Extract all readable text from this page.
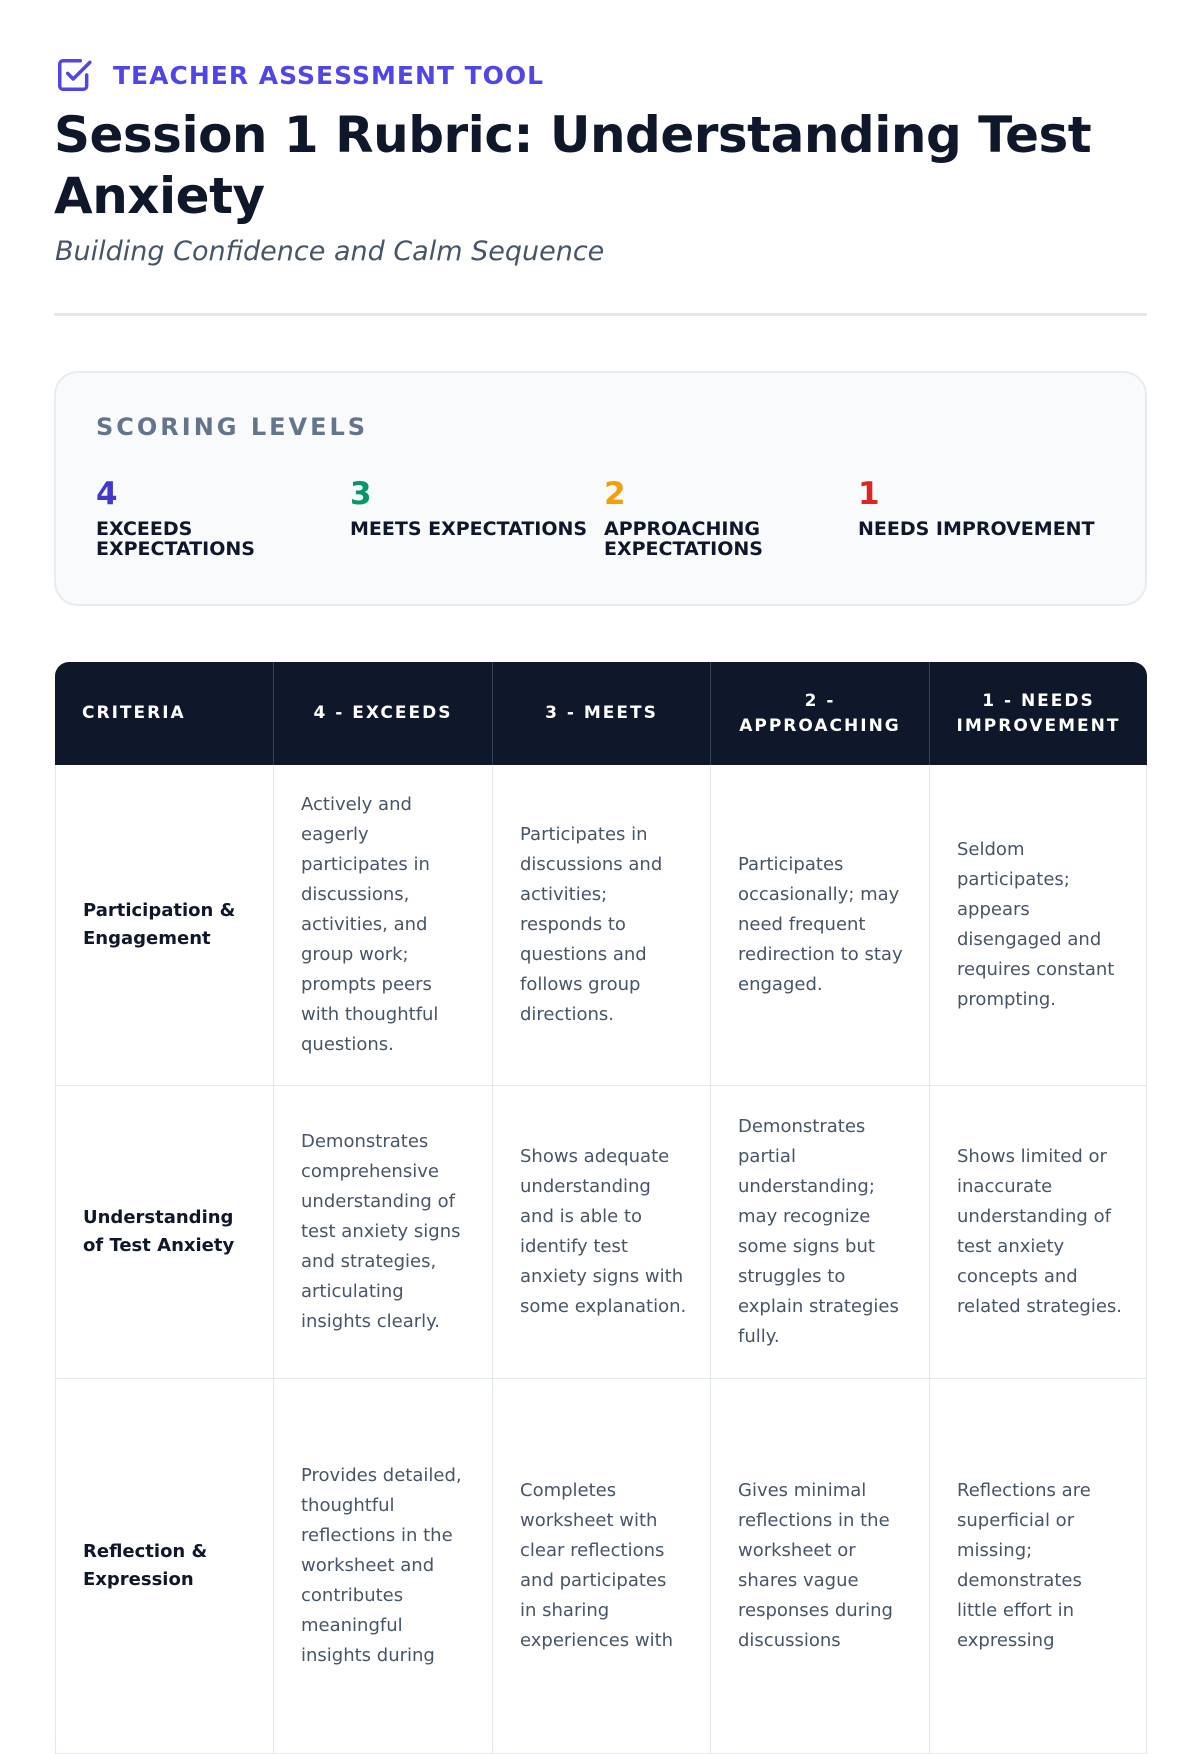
TEACHER ASSESSMENT TOOL
Session 1 Rubric: Understanding Test Anxiety
Building Confidence and Calm Sequence
SCORING LEVELS
4
EXCEEDS EXPECTATIONS
3
MEETS EXPECTATIONS
2
APPROACHING EXPECTATIONS
1
NEEDS IMPROVEMENT
CRITERIA	4 - EXCEEDS	3 - MEETS	2 - APPROACHING	1 - NEEDS IMPROVEMENT
Participation & Engagement	Actively and eagerly participates in discussions, activities, and group work; prompts peers with thoughtful questions.	Participates in discussions and activities; responds to questions and follows group directions.	Participates occasionally; may need frequent redirection to stay engaged.	Seldom participates; appears disengaged and requires constant prompting.
Understanding of Test Anxiety	Demonstrates comprehensive understanding of test anxiety signs and strategies, articulating insights clearly.	Shows adequate understanding and is able to identify test anxiety signs with some explanation.	Demonstrates partial understanding; may recognize some signs but struggles to explain strategies fully.	Shows limited or inaccurate understanding of test anxiety concepts and related strategies.
Reflection & Expression	Provides detailed, thoughtful reflections in the worksheet and contributes meaningful insights during	Completes worksheet with clear reflections and participates in sharing experiences with	Gives minimal reflections in the worksheet or shares vague responses during discussions	Reflections are superficial or missing; demonstrates little effort in expressing
